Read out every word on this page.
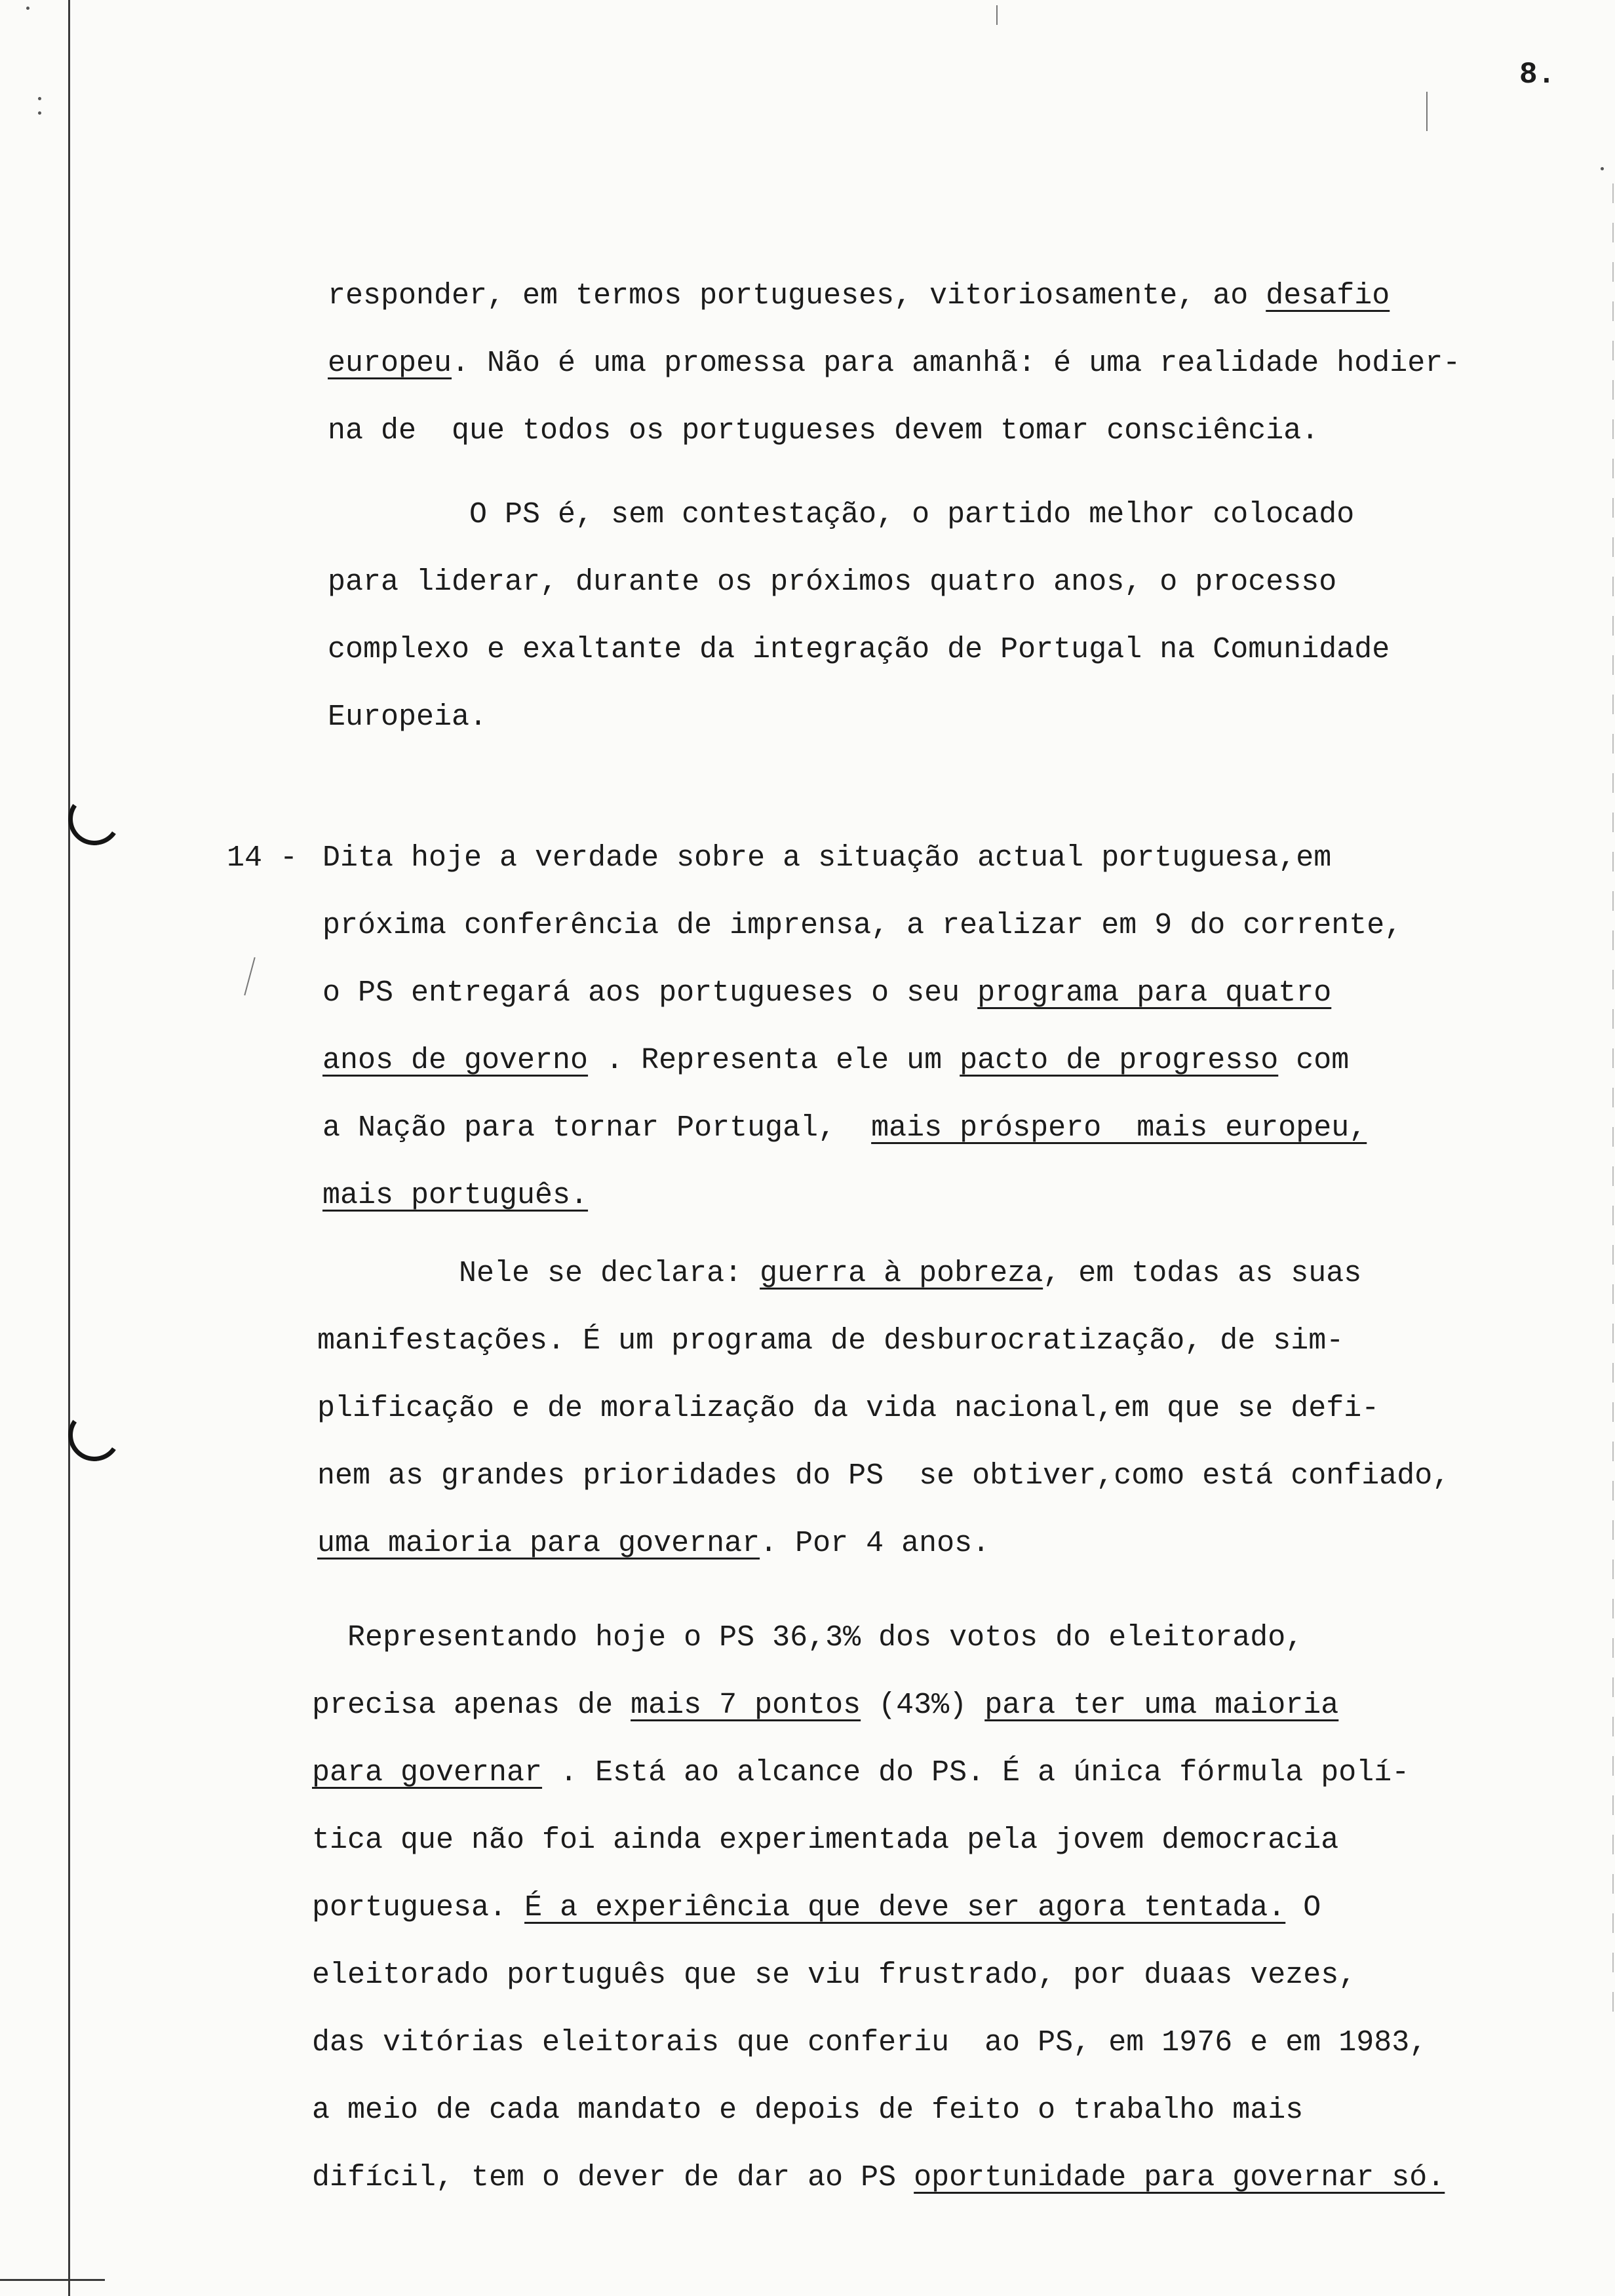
8.
responder, em termos portugueses, vitoriosamente, ao desafio
europeu. Não é uma promessa para amanhã: é uma realidade hodier-
na de  que todos os portugueses devem tomar consciência.
O PS é, sem contestação, o partido melhor colocado
para liderar, durante os próximos quatro anos, o processo
complexo e exaltante da integração de Portugal na Comunidade
Europeia.
14 - Dita hoje a verdade sobre a situação actual portuguesa,em
próxima conferência de imprensa, a realizar em 9 do corrente,
o PS entregará aos portugueses o seu programa para quatro
anos de governo . Representa ele um pacto de progresso com
a Nação para tornar Portugal,  mais próspero  mais europeu,
mais português.
Nele se declara: guerra à pobreza, em todas as suas
manifestações. É um programa de desburocratização, de sim-
plificação e de moralização da vida nacional,em que se defi-
nem as grandes prioridades do PS  se obtiver,como está confiado,
uma maioria para governar. Por 4 anos.
Representando hoje o PS 36,3% dos votos do eleitorado,
precisa apenas de mais 7 pontos (43%) para ter uma maioria
para governar . Está ao alcance do PS. É a única fórmula polí-
tica que não foi ainda experimentada pela jovem democracia
portuguesa. É a experiência que deve ser agora tentada. O
eleitorado português que se viu frustrado, por duaas vezes,
das vitórias eleitorais que conferiu  ao PS, em 1976 e em 1983,
a meio de cada mandato e depois de feito o trabalho mais
difícil, tem o dever de dar ao PS oportunidade para governar só.
